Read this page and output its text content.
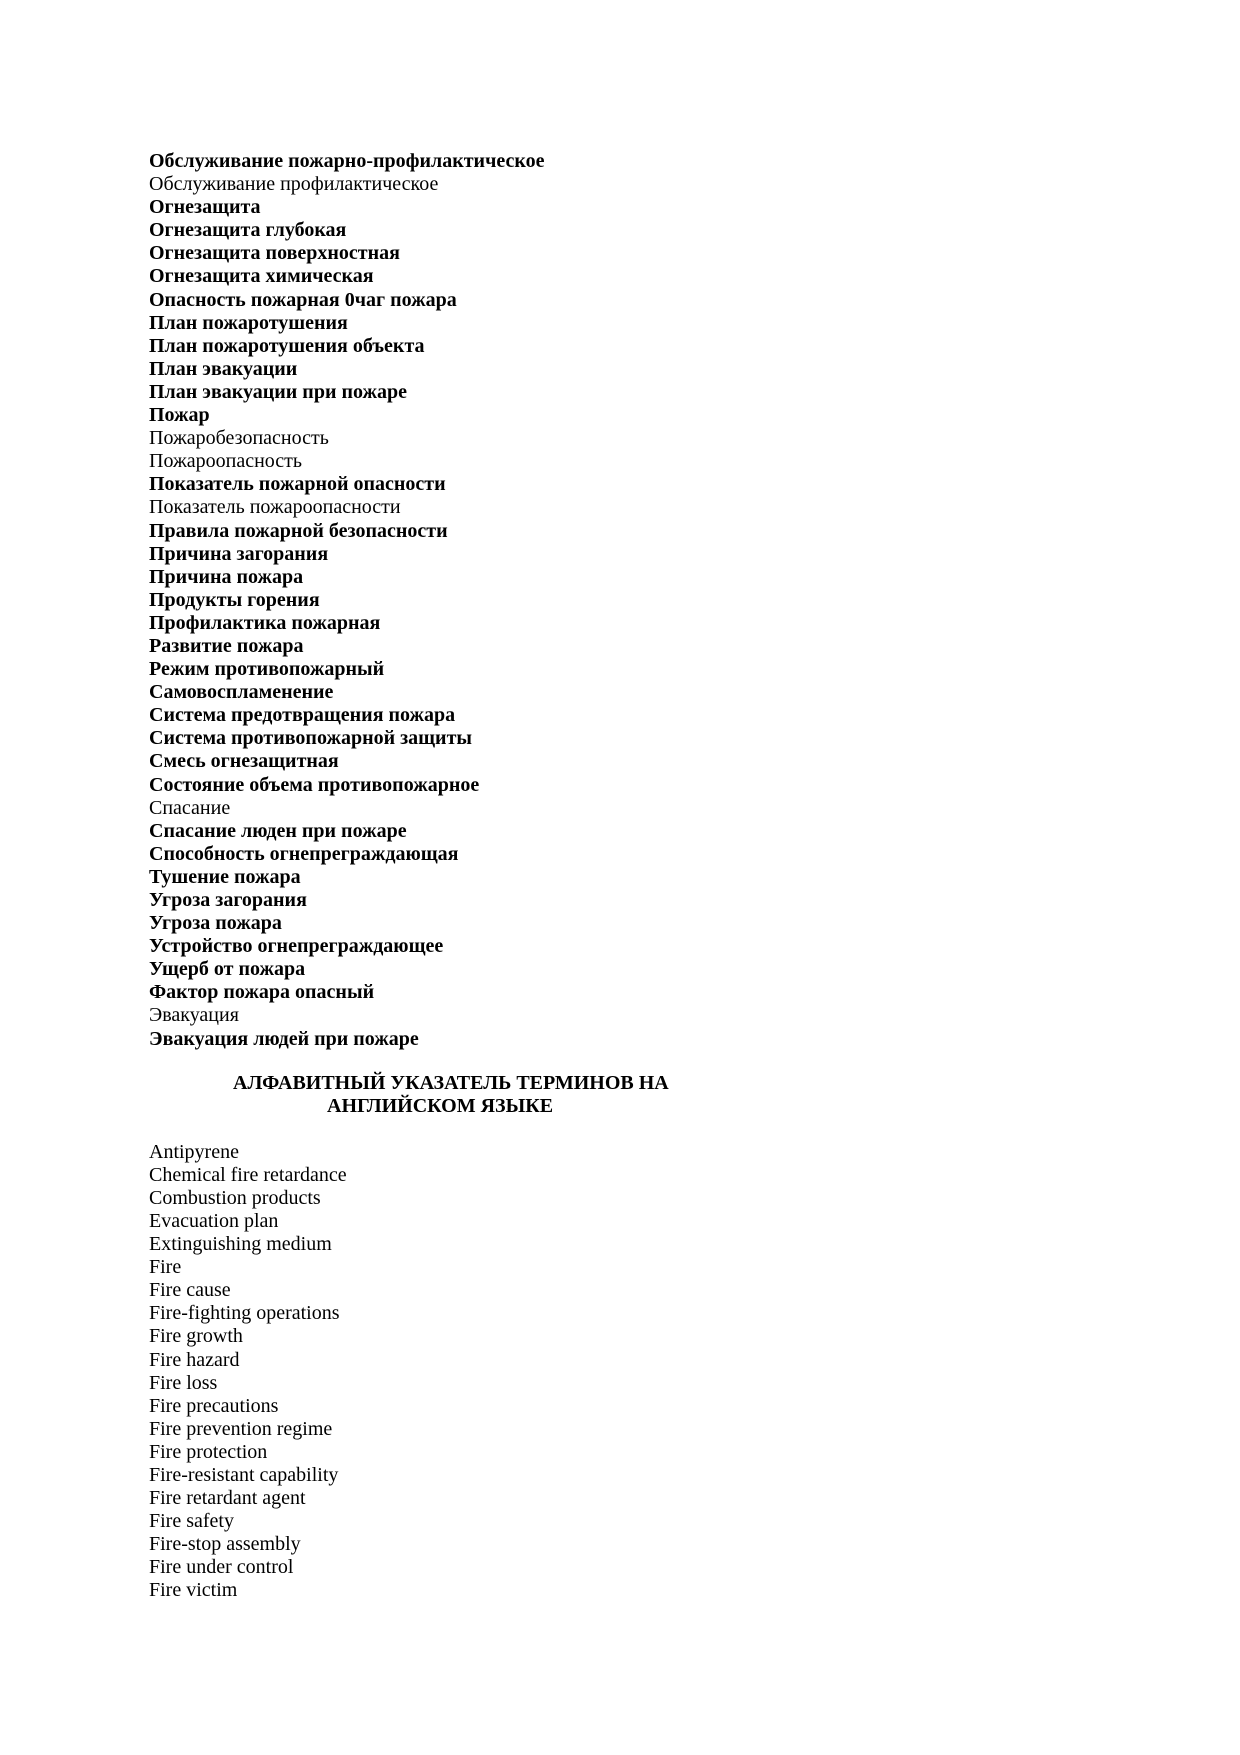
Обслуживание пожарно-профилактическое
Обслуживание профилактическое
Огнезащита
Огнезащита глубокая
Огнезащита поверхностная
Огнезащита химическая
Опасность пожарная 0чаг пожара
План пожаротушения
План пожаротушения объекта
План эвакуации
План эвакуации при пожаре
Пожар
Пожаробезопасность
Пожароопасность
Показатель пожарной опасности
Показатель пожароопасности
Правила пожарной безопасности
Причина загорания
Причина пожара
Продукты горения
Профилактика пожарная
Развитие пожара
Режим противопожарный
Самовоспламенение
Система предотвращения пожара
Система противопожарной защиты
Смесь огнезащитная
Состояние объема противопожарное
Спасание
Спасание люден при пожаре
Способность огнепреграждающая
Тушение пожара
Угроза загорания
Угроза пожара
Устройство огнепреграждающее
Ущерб от пожара
Фактор пожара опасный
Эвакуация
Эвакуация людей при пожаре
АЛФАВИТНЫЙ УКАЗАТЕЛЬ ТЕРМИНОВ НА
АНГЛИЙСКОМ ЯЗЫКЕ
Antipyrene
Chemical fire retardance
Combustion products
Evacuation plan
Extinguishing medium
Fire
Fire cause
Fire-fighting operations
Fire growth
Fire hazard
Fire loss
Fire precautions
Fire prevention regime
Fire protection
Fire-resistant capability
Fire retardant agent
Fire safety
Fire-stop assembly
Fire under control
Fire victim
